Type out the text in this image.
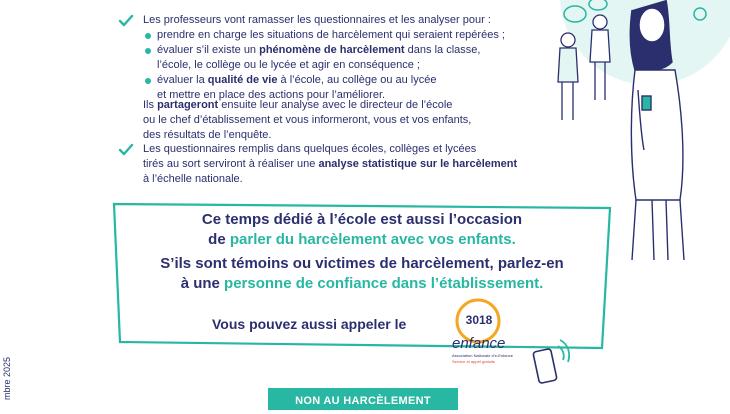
Les professeurs vont ramasser les questionnaires et les analyser pour :
prendre en charge les situations de harcèlement qui seraient repérées ;
évaluer s’il existe un phénomène de harcèlement dans la classe,
l’école, le collège ou le lycée et agir en conséquence ;
évaluer la qualité de vie à l’école, au collège ou au lycée
et mettre en place des actions pour l’améliorer.
Ils partageront ensuite leur analyse avec le directeur de l’école
ou le chef d’établissement et vous informeront, vous et vos enfants,
des résultats de l’enquête.
Les questionnaires remplis dans quelques écoles, collèges et lycées
tirés au sort serviront à réaliser une analyse statistique sur le harcèlement
à l’échelle nationale.
Ce temps dédié à l’école est aussi l’occasion
de parler du harcèlement avec vos enfants.
S’ils sont témoins ou victimes de harcèlement, parlez-en
à une personne de confiance dans l’établissement.
Vous pouvez aussi appeler le	3018
enfance
Association Nationale d’e-Enfance
Service et appel gratuits
mbre 2025
NON AU HARCÈLEMENT
